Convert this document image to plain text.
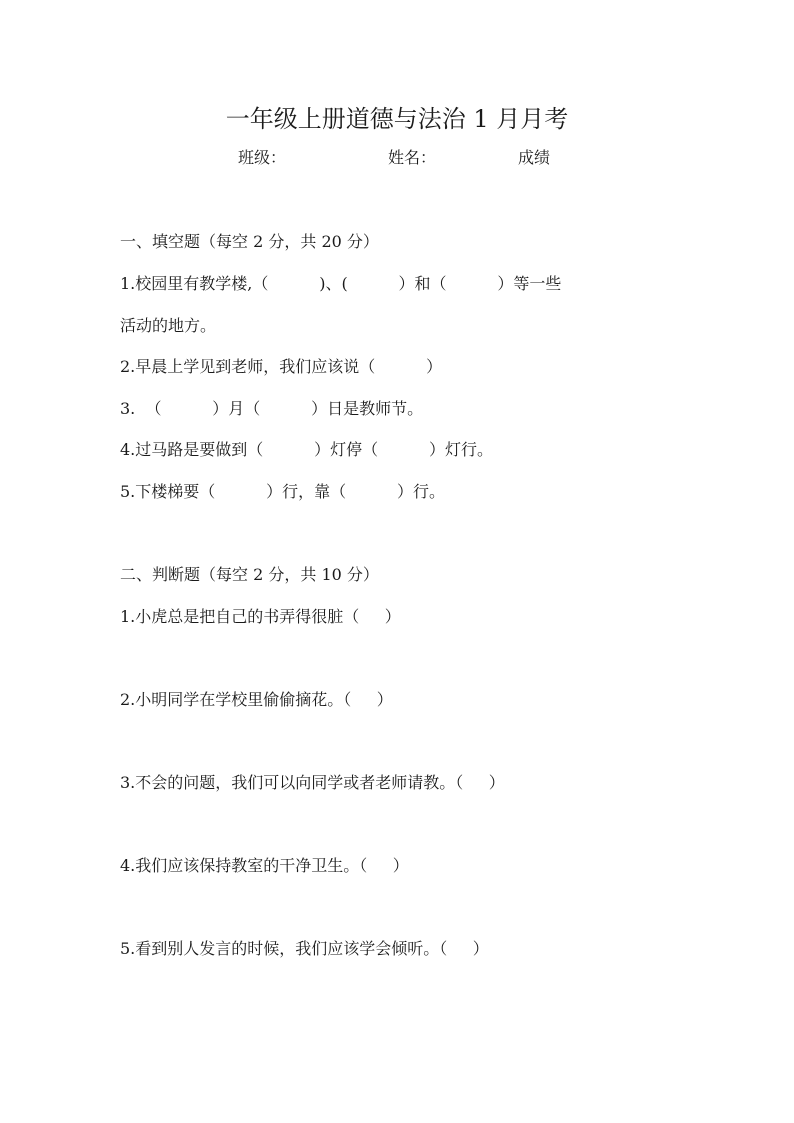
一年级上册道德与法治 1 月月考
班级：	姓名：	成绩
一、填空题（每空 2 分，共 20 分）
1.校园里有教学楼,（          )、(          ）和（          ）等一些
活动的地方。
2.早晨上学见到老师，我们应该说（          ）
3.  （          ）月（          ）日是教师节。
4.过马路是要做到（          ）灯停（          ）灯行。
5.下楼梯要（          ）行，靠（          ）行。
二、判断题（每空 2 分，共 10 分）
1.小虎总是把自己的书弄得很脏（     ）
2.小明同学在学校里偷偷摘花。（     ）
3.不会的问题，我们可以向同学或者老师请教。（     ）
4.我们应该保持教室的干净卫生。（     ）
5.看到别人发言的时候，我们应该学会倾听。（     ）
